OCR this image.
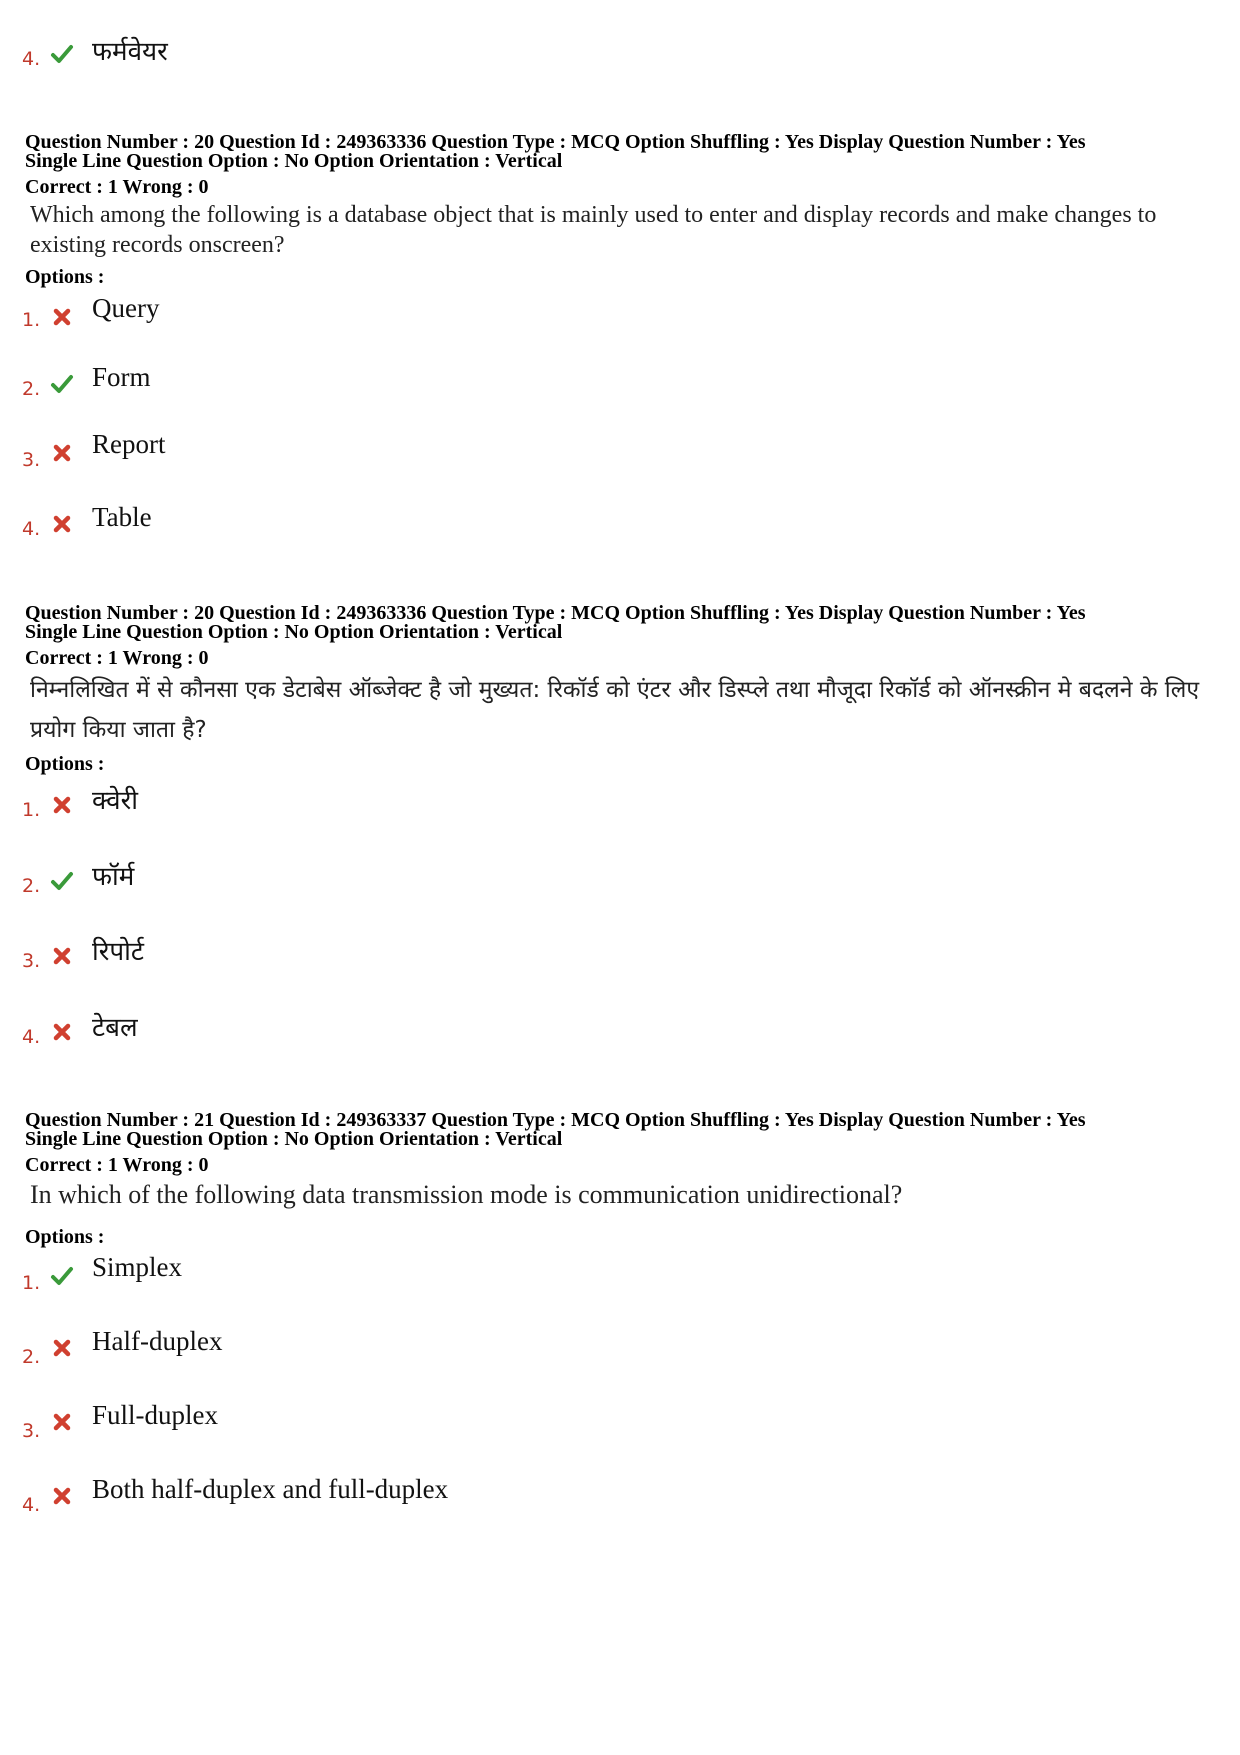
4. फर्मवेयर
Question Number : 20 Question Id : 249363336 Question Type : MCQ Option Shuffling : Yes Display Question Number : Yes
Single Line Question Option : No Option Orientation : Vertical
Correct : 1 Wrong : 0
Which among the following is a database object that is mainly used to enter and display records and make changes to existing records onscreen?
Options :
1. Query
2. Form
3.
Report
4. Table
Question Number : 20 Question Id : 249363336 Question Type : MCQ Option Shuffling : Yes Display Question Number : Yes
Single Line Question Option : No Option Orientation : Vertical
Correct : 1 Wrong : 0
निम्नलिखित में से कौनसा एक डेटाबेस ऑब्जेक्ट है जो मुख्यत: रिकॉर्ड को एंटर और डिस्प्ले तथा मौजूदा रिकॉर्ड को ऑनस्क्रीन मे बदलने के लिए प्रयोग किया जाता है?
Options :
1. क्वेरी
2. फॉर्म
3. रिपोर्ट
4. टेबल
Question Number : 21 Question Id : 249363337 Question Type : MCQ Option Shuffling : Yes Display Question Number : Yes
Single Line Question Option : No Option Orientation : Vertical
Correct : 1 Wrong : 0
In which of the following data transmission mode is communication unidirectional?
Options :
1.
Simplex
2.
Half-duplex
3.
Full-duplex
4.
Both half-duplex and full-duplex
